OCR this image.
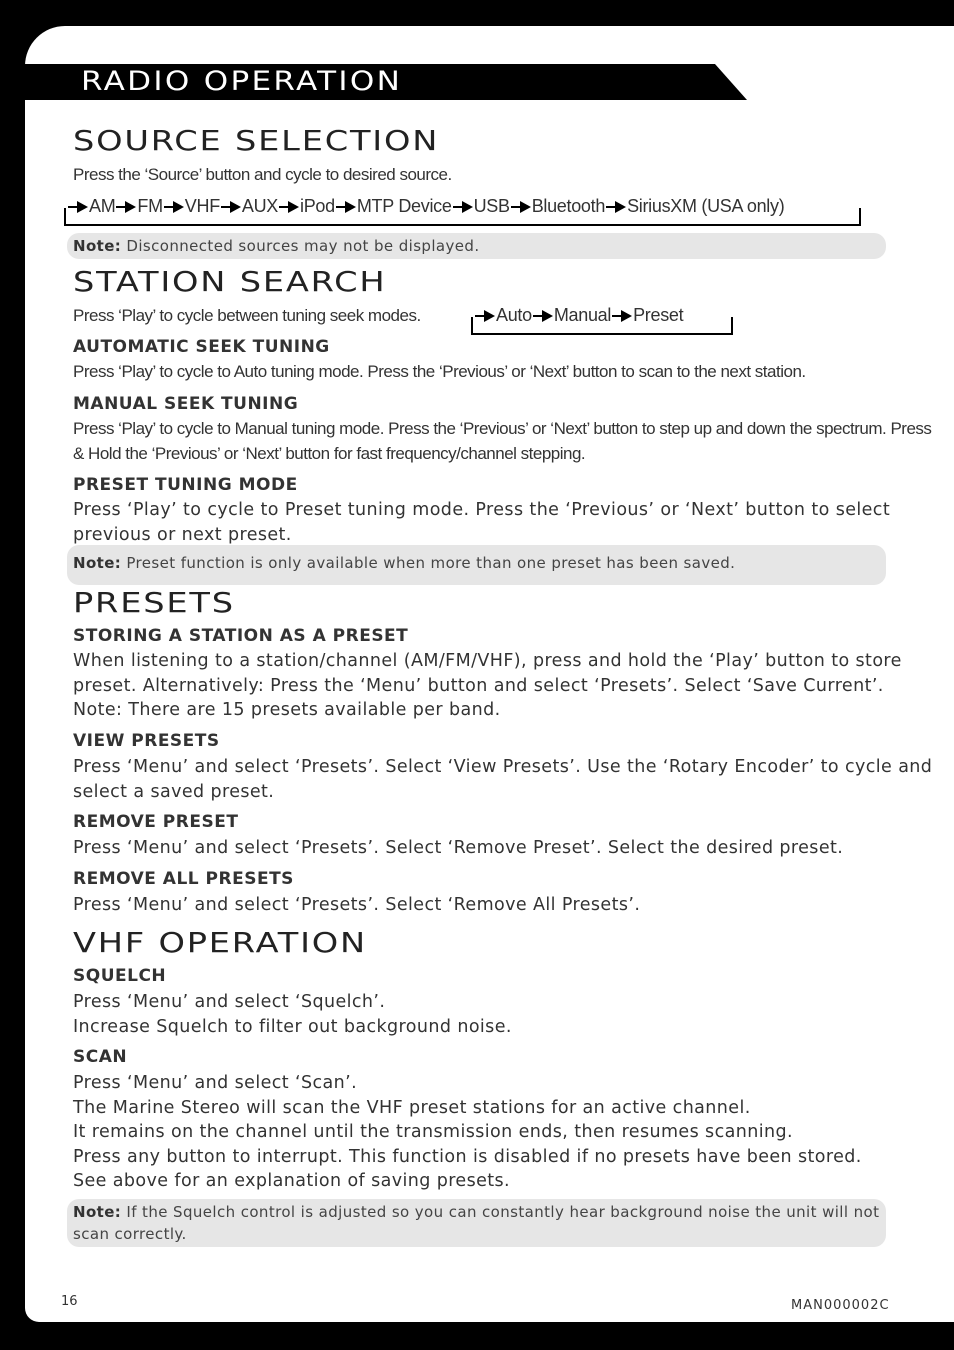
RADIO OPERATION
SOURCE SELECTION
Press the ‘Source’ button and cycle to desired source.
AM FM VHF AUX iPod MTP Device USB Bluetooth SiriusXM (USA only)
Note: Disconnected sources may not be displayed.
STATION SEARCH
Press ‘Play’ to cycle between tuning seek modes.	Auto Manual Preset
AUTOMATIC SEEK TUNING
Press ‘Play’ to cycle to Auto tuning mode. Press the ‘Previous’ or ‘Next’ button to scan to the next station.
MANUAL SEEK TUNING
Press ‘Play’ to cycle to Manual tuning mode. Press the ‘Previous’ or ‘Next’ button to step up and down the spectrum. Press & Hold the ‘Previous’ or ‘Next’ button for fast frequency/channel stepping.
PRESET TUNING MODE
Press ‘Play’ to cycle to Preset tuning mode. Press the ‘Previous’ or ‘Next’ button to select previous or next preset.
Note: Preset function is only available when more than one preset has been saved.
PRESETS
STORING A STATION AS A PRESET
When listening to a station/channel (AM/FM/VHF), press and hold the ‘Play’ button to store preset. Alternatively: Press the ‘Menu’ button and select ‘Presets’. Select ‘Save Current’. Note: There are 15 presets available per band.
VIEW PRESETS
Press ‘Menu’ and select ‘Presets’. Select ‘View Presets’. Use the ‘Rotary Encoder’ to cycle and select a saved preset.
REMOVE PRESET
Press ‘Menu’ and select ‘Presets’. Select ‘Remove Preset’. Select the desired preset.
REMOVE ALL PRESETS
Press ‘Menu’ and select ‘Presets’. Select ‘Remove All Presets’.
VHF OPERATION
SQUELCH
Press ‘Menu’ and select ‘Squelch’.
Increase Squelch to filter out background noise.
SCAN
Press ‘Menu’ and select ‘Scan’.
The Marine Stereo will scan the VHF preset stations for an active channel.
It remains on the channel until the transmission ends, then resumes scanning.
Press any button to interrupt. This function is disabled if no presets have been stored.
See above for an explanation of saving presets.
Note: If the Squelch control is adjusted so you can constantly hear background noise the unit will not scan correctly.
16	MAN000002C
